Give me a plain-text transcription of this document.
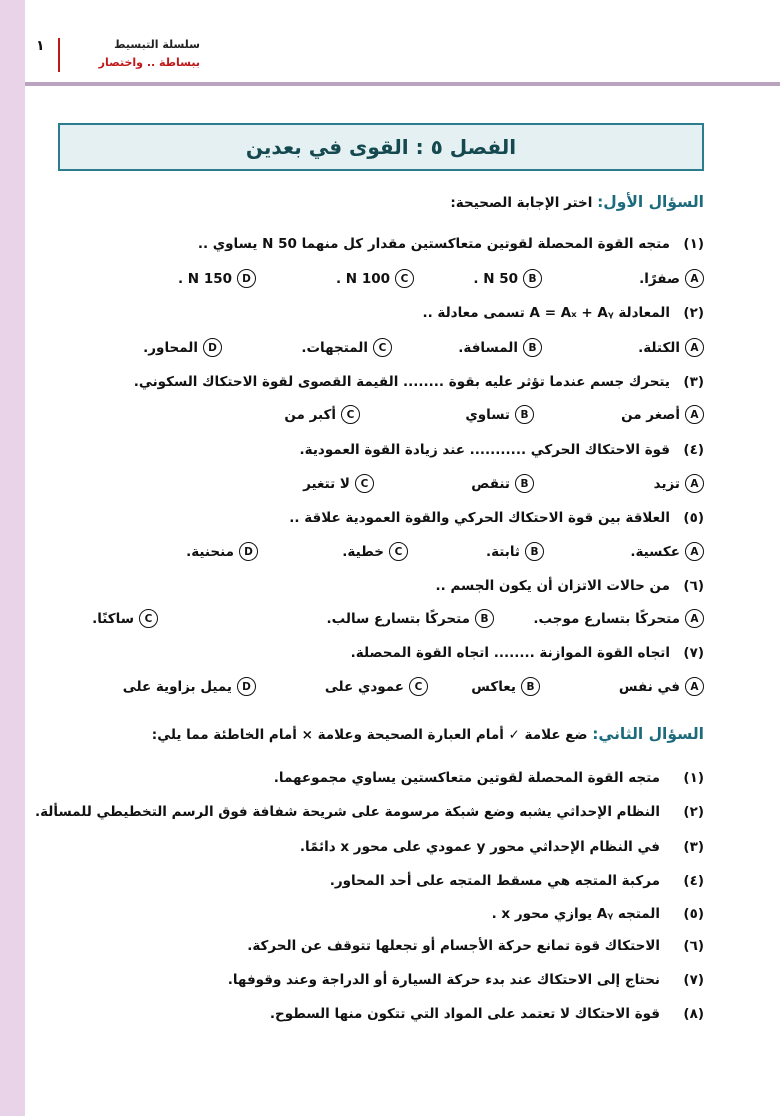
١	سلسلة التبسيط
ببساطة .. واختصار
الفصل ٥ : القوى في بعدين
السؤال الأول: اختر الإجابة الصحيحة:
(١)متجه القوة المحصلة لقوتين متعاكستين مقدار كل منهما 50 N يساوي ..
A
صفرًا.
B
50 N .
C
100 N .
D
150 N .
(٢)المعادلة A = Aₓ + Aᵧ تسمى معادلة ..
A
الكتلة.
B
المسافة.
C
المتجهات.
D
المحاور.
(٣)يتحرك جسم عندما تؤثر عليه بقوة ........ القيمة القصوى لقوة الاحتكاك السكوني.
A
أصغر من
B
تساوي
C
أكبر من
(٤)قوة الاحتكاك الحركي ........... عند زيادة القوة العمودية.
A
تزيد
B
تنقص
C
لا تتغير
(٥)العلاقة بين قوة الاحتكاك الحركي والقوة العمودية علاقة ..
A
عكسية.
B
ثابتة.
C
خطية.
D
منحنية.
(٦)من حالات الاتزان أن يكون الجسم ..
A
متحركًا بتسارع موجب.
B
متحركًا بتسارع سالب.
C
ساكنًا.
(٧)اتجاه القوة الموازنة ........ اتجاه القوة المحصلة.
A
في نفس
B
يعاكس
C
عمودي على
D
يميل بزاوية على
السؤال الثاني: ضع علامة ✓ أمام العبارة الصحيحة وعلامة × أمام الخاطئة مما يلي:
(١)متجه القوة المحصلة لقوتين متعاكستين يساوي مجموعهما.
(٢)النظام الإحداثي يشبه وضع شبكة مرسومة على شريحة شفافة فوق الرسم التخطيطي للمسألة.
(٣)في النظام الإحداثي محور y عمودي على محور x دائمًا.
(٤)مركبة المتجه هي مسقط المتجه على أحد المحاور.
(٥)المتجه Aᵧ يوازي محور x .
(٦)الاحتكاك قوة تمانع حركة الأجسام أو تجعلها تتوقف عن الحركة.
(٧)نحتاج إلى الاحتكاك عند بدء حركة السيارة أو الدراجة وعند وقوفها.
(٨)قوة الاحتكاك لا تعتمد على المواد التي تتكون منها السطوح.
